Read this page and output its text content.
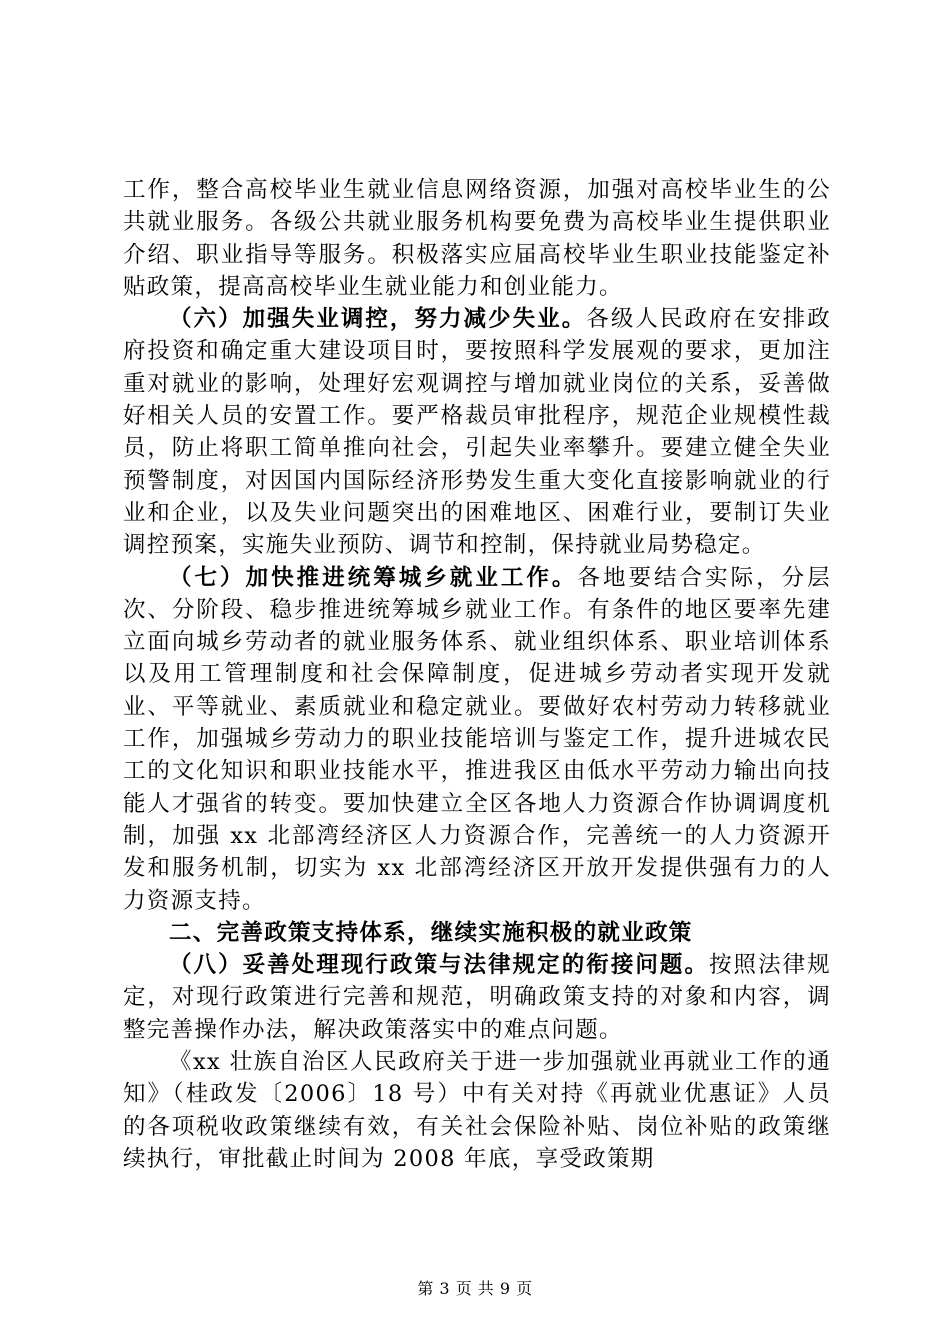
工作，整合高校毕业生就业信息网络资源，加强对高校毕业生的公共就业服务。各级公共就业服务机构要免费为高校毕业生提供职业介绍、职业指导等服务。积极落实应届高校毕业生职业技能鉴定补贴政策，提高高校毕业生就业能力和创业能力。

（六）加强失业调控，努力减少失业。各级人民政府在安排政府投资和确定重大建设项目时，要按照科学发展观的要求，更加注重对就业的影响，处理好宏观调控与增加就业岗位的关系，妥善做好相关人员的安置工作。要严格裁员审批程序，规范企业规模性裁员，防止将职工简单推向社会，引起失业率攀升。要建立健全失业预警制度，对因国内国际经济形势发生重大变化直接影响就业的行业和企业，以及失业问题突出的困难地区、困难行业，要制订失业调控预案，实施失业预防、调节和控制，保持就业局势稳定。

（七）加快推进统筹城乡就业工作。各地要结合实际，分层次、分阶段、稳步推进统筹城乡就业工作。有条件的地区要率先建立面向城乡劳动者的就业服务体系、就业组织体系、职业培训体系以及用工管理制度和社会保障制度，促进城乡劳动者实现开发就业、平等就业、素质就业和稳定就业。要做好农村劳动力转移就业工作，加强城乡劳动力的职业技能培训与鉴定工作，提升进城农民工的文化知识和职业技能水平，推进我区由低水平劳动力输出向技能人才强省的转变。要加快建立全区各地人力资源合作协调调度机制，加强 xx 北部湾经济区人力资源合作，完善统一的人力资源开发和服务机制，切实为 xx 北部湾经济区开放开发提供强有力的人力资源支持。

二、完善政策支持体系，继续实施积极的就业政策

（八）妥善处理现行政策与法律规定的衔接问题。按照法律规定，对现行政策进行完善和规范，明确政策支持的对象和内容，调整完善操作办法，解决政策落实中的难点问题。

《xx 壮族自治区人民政府关于进一步加强就业再就业工作的通知》（桂政发〔2006〕18 号）中有关对持《再就业优惠证》人员的各项税收政策继续有效，有关社会保险补贴、岗位补贴的政策继续执行，审批截止时间为 2008 年底，享受政策期

第 3 页 共 9 页
